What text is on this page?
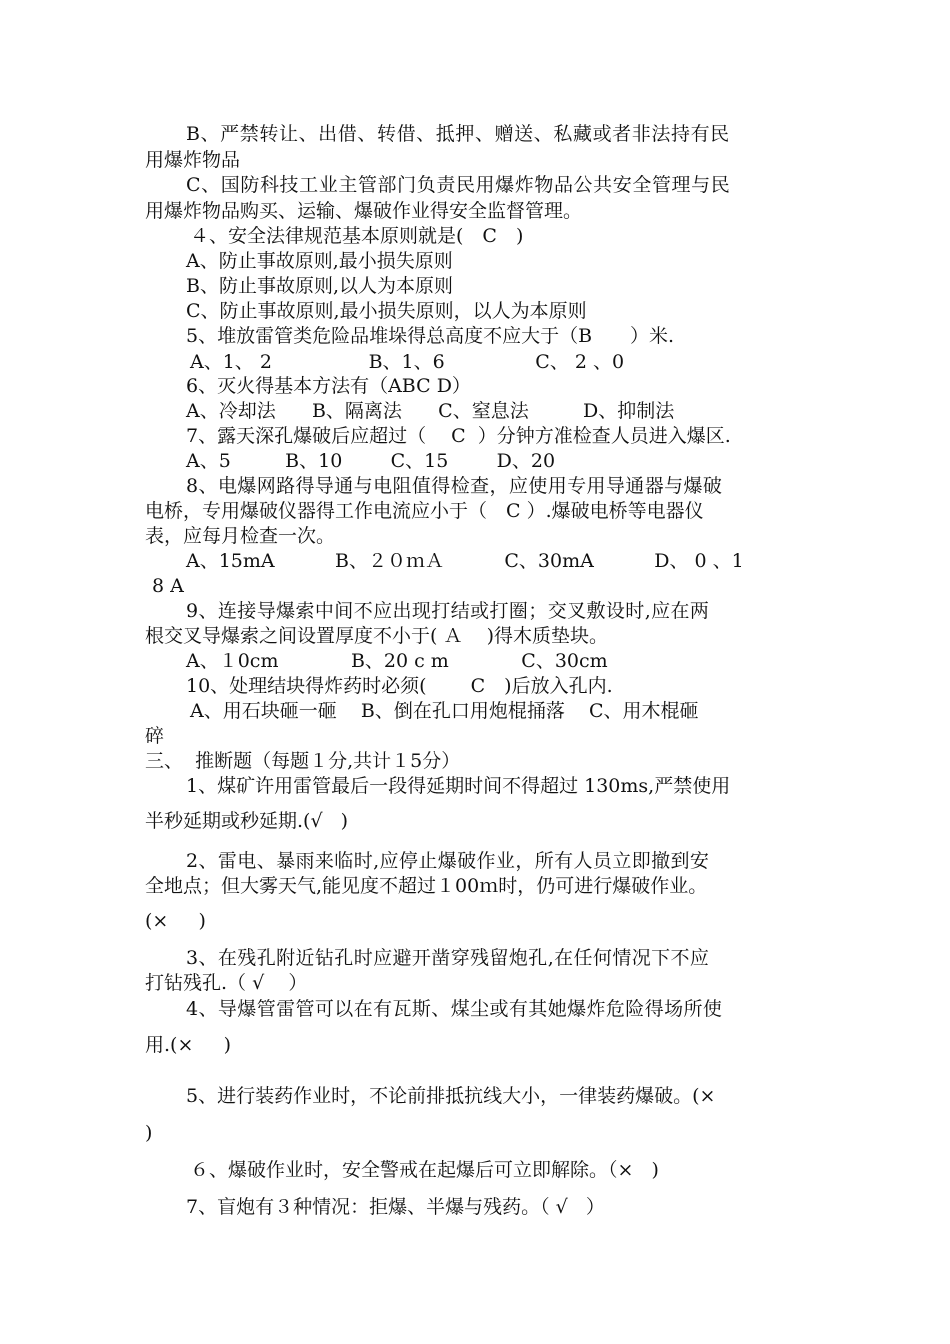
B、严禁转让、出借、转借、抵押、赠送、私藏或者非法持有民
用爆炸物品
C、国防科技工业主管部门负责民用爆炸物品公共安全管理与民
用爆炸物品购买、运输、爆破作业得安全监督管理。
４、安全法律规范基本原则就是(　C　)
A、防止事故原则,最小损失原则
B、防止事故原则,以人为本原则
C、防止事故原则,最小损失原则，以人为本原则
5、堆放雷管类危险品堆垛得总高度不应大于（B　　）米.
A、1、 2                B、1、6               C、 2 、0
6、灭火得基本方法有（ABC D）
A、冷却法      B、隔离法      C、窒息法         D、抑制法
7、露天深孔爆破后应超过（　 C  ）分钟方准检查人员进入爆区.
A、5         B、10        C、15        D、20
8、电爆网路得导通与电阻值得检查，应使用专用导通器与爆破
电桥，专用爆破仪器得工作电流应小于（　C ）.爆破电桥等电器仪
表，应每月检查一次。
A、15mA          B、２０ｍＡ          C、30mA          D、 0 、1
8 A
9、连接导爆索中间不应出现打结或打圈；交叉敷设时,应在两
根交叉导爆索之间设置厚度不小于( Ａ    )得木质垫块。
A、１0cm            B、20 c m            C、30cm
10、处理结块得炸药时必须(　　 C　)后放入孔内.
A、用石块砸一砸    B、倒在孔口用炮棍捅落    C、用木棍砸
碎
三、  推断题（每题１分,共计１5分）
1、煤矿许用雷管最后一段得延期时间不得超过 130ms,严禁使用
半秒延期或秒延期.(√   )
2、雷电、暴雨来临时,应停止爆破作业，所有人员立即撤到安
全地点；但大雾天气,能见度不超过１00ｍ时，仍可进行爆破作业。
(×     )
3、在残孔附近钻孔时应避开凿穿残留炮孔,在任何情况下不应
打钻残孔.（ √    ）
4、导爆管雷管可以在有瓦斯、煤尘或有其她爆炸危险得场所使
用.(×     )
5、进行装药作业时，不论前排抵抗线大小，一律装药爆破。(×
)
６、爆破作业时，安全警戒在起爆后可立即解除。（×   )
7、盲炮有３种情况：拒爆、半爆与残药。（ √   ）
